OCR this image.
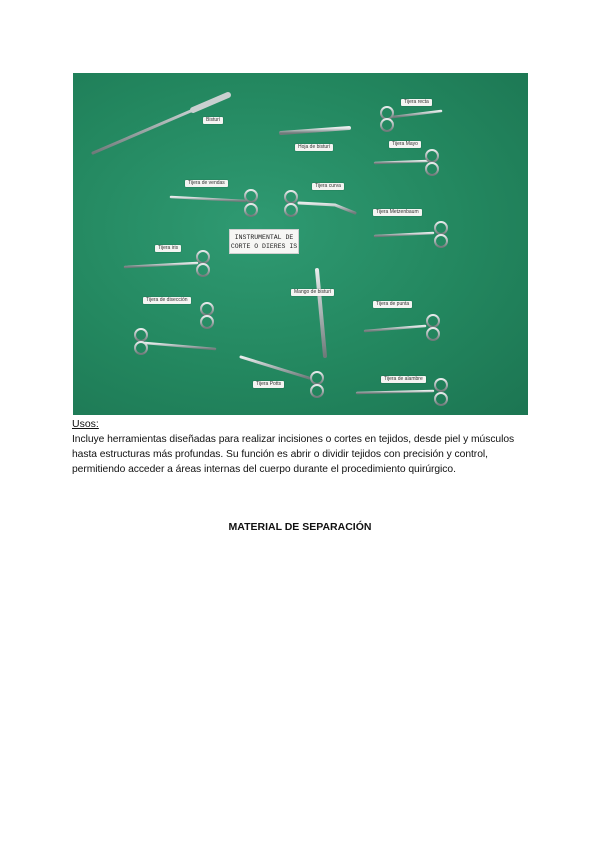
Bisturí
Hoja de bisturí
Tijera curva
Tijera recta
Tijera Mayo
Tijera de vendas
Tijera Metzenbaum
Tijera iris
Tijera de disección
Tijera de punta
Tijera de alambre
Mango de bisturí
Tijera Potts
INSTRUMENTAL DE
CORTE O DIERES IS
Usos:
Incluye herramientas diseñadas para realizar incisiones o cortes en tejidos, desde piel y músculos hasta estructuras más profundas. Su función es abrir o dividir tejidos con precisión y control, permitiendo acceder a áreas internas del cuerpo durante el procedimiento quirúrgico.
MATERIAL DE SEPARACIÓN
